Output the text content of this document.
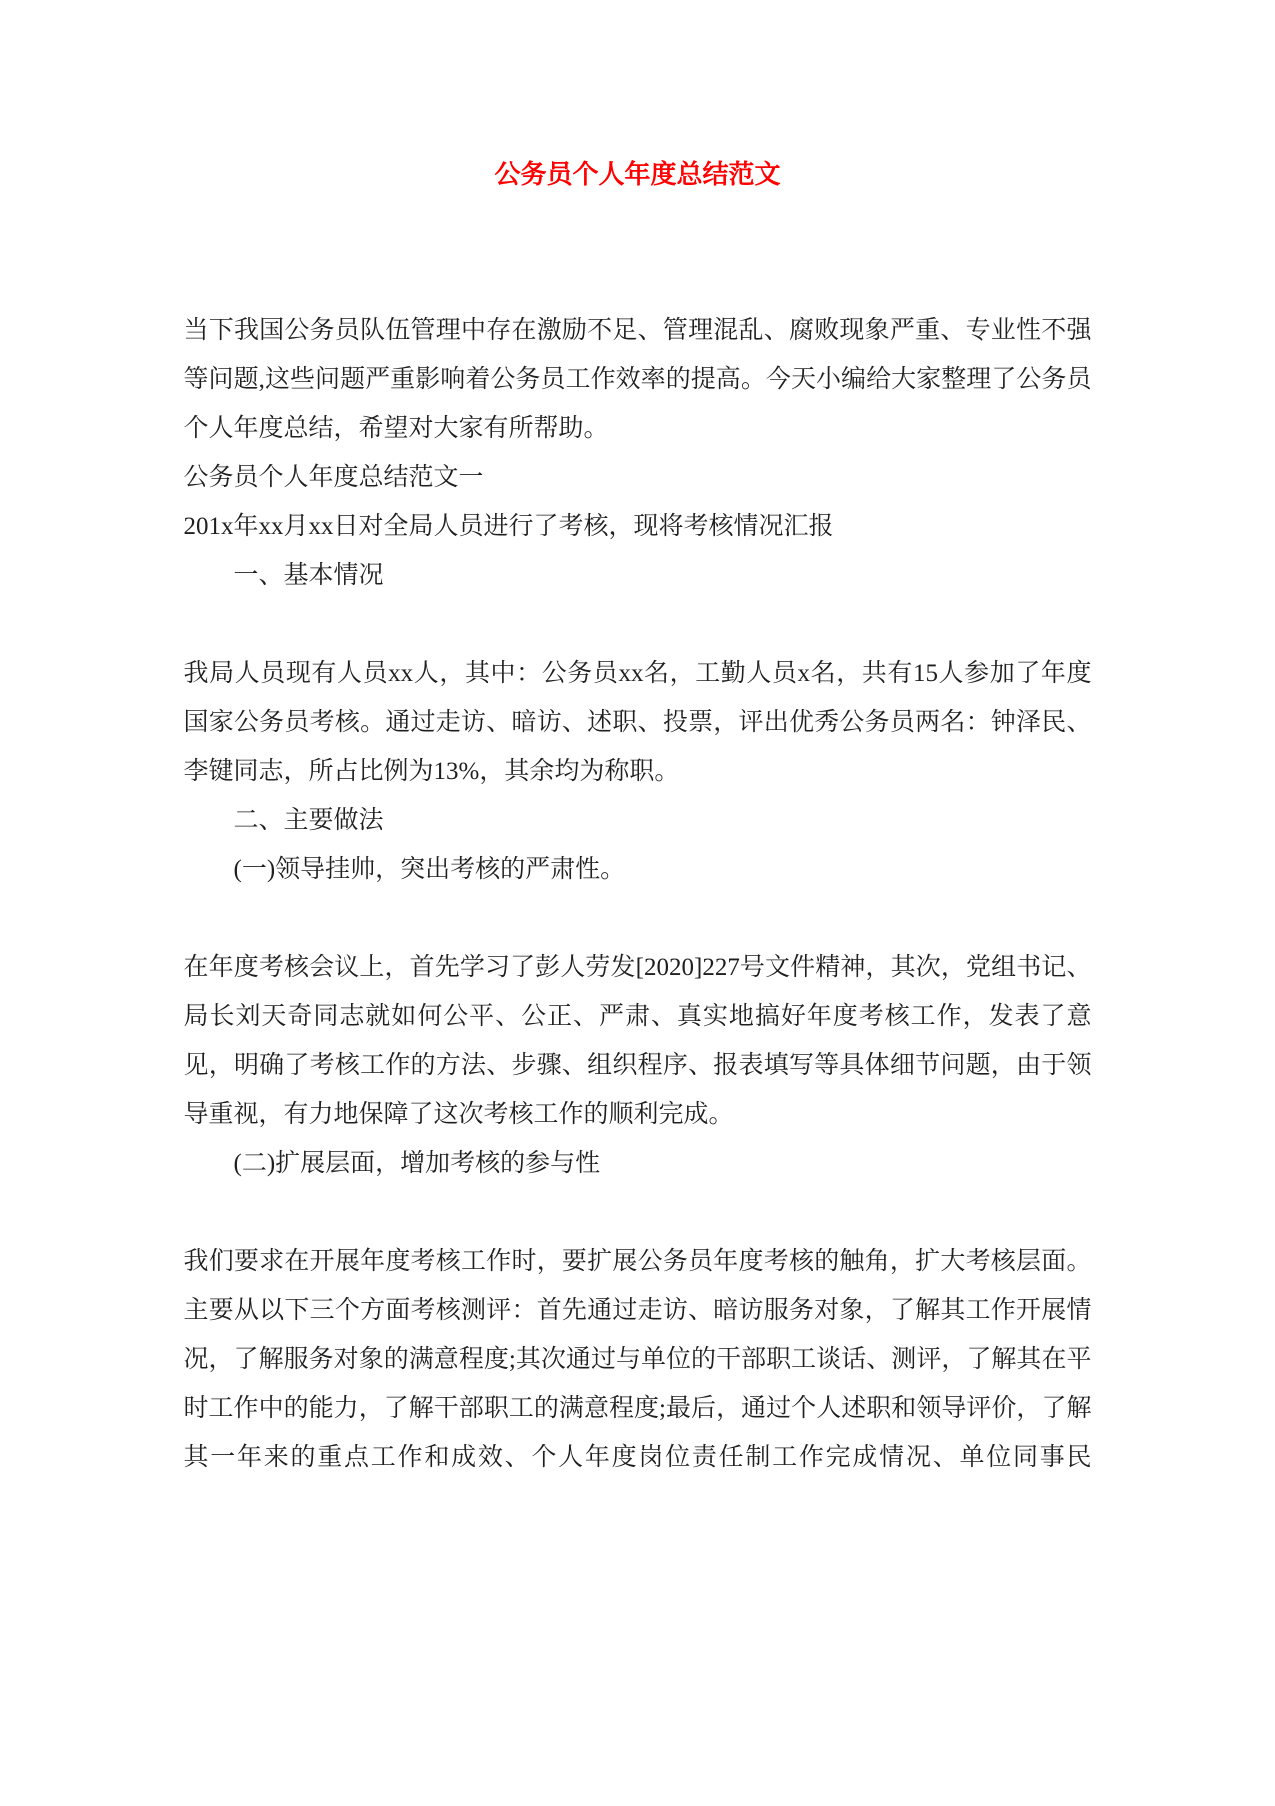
公务员个人年度总结范文

当下我国公务员队伍管理中存在激励不足、管理混乱、腐败现象严重、专业性不强等问题,这些问题严重影响着公务员工作效率的提高。今天小编给大家整理了公务员个人年度总结，希望对大家有所帮助。

公务员个人年度总结范文一

201x年xx月xx日对全局人员进行了考核，现将考核情况汇报

一、基本情况

我局人员现有人员xx人，其中：公务员xx名，工勤人员x名，共有15人参加了年度国家公务员考核。通过走访、暗访、述职、投票，评出优秀公务员两名：钟泽民、李键同志，所占比例为13%，其余均为称职。

二、主要做法

(一)领导挂帅，突出考核的严肃性。

在年度考核会议上，首先学习了彭人劳发[2020]227号文件精神，其次，党组书记、局长刘天奇同志就如何公平、公正、严肃、真实地搞好年度考核工作，发表了意见，明确了考核工作的方法、步骤、组织程序、报表填写等具体细节问题，由于领导重视，有力地保障了这次考核工作的顺利完成。

(二)扩展层面，增加考核的参与性

我们要求在开展年度考核工作时，要扩展公务员年度考核的触角，扩大考核层面。主要从以下三个方面考核测评：首先通过走访、暗访服务对象，了解其工作开展情况，了解服务对象的满意程度;其次通过与单位的干部职工谈话、测评，了解其在平时工作中的能力，了解干部职工的满意程度;最后，通过个人述职和领导评价，了解其一年来的重点工作和成效、个人年度岗位责任制工作完成情况、单位同事民
